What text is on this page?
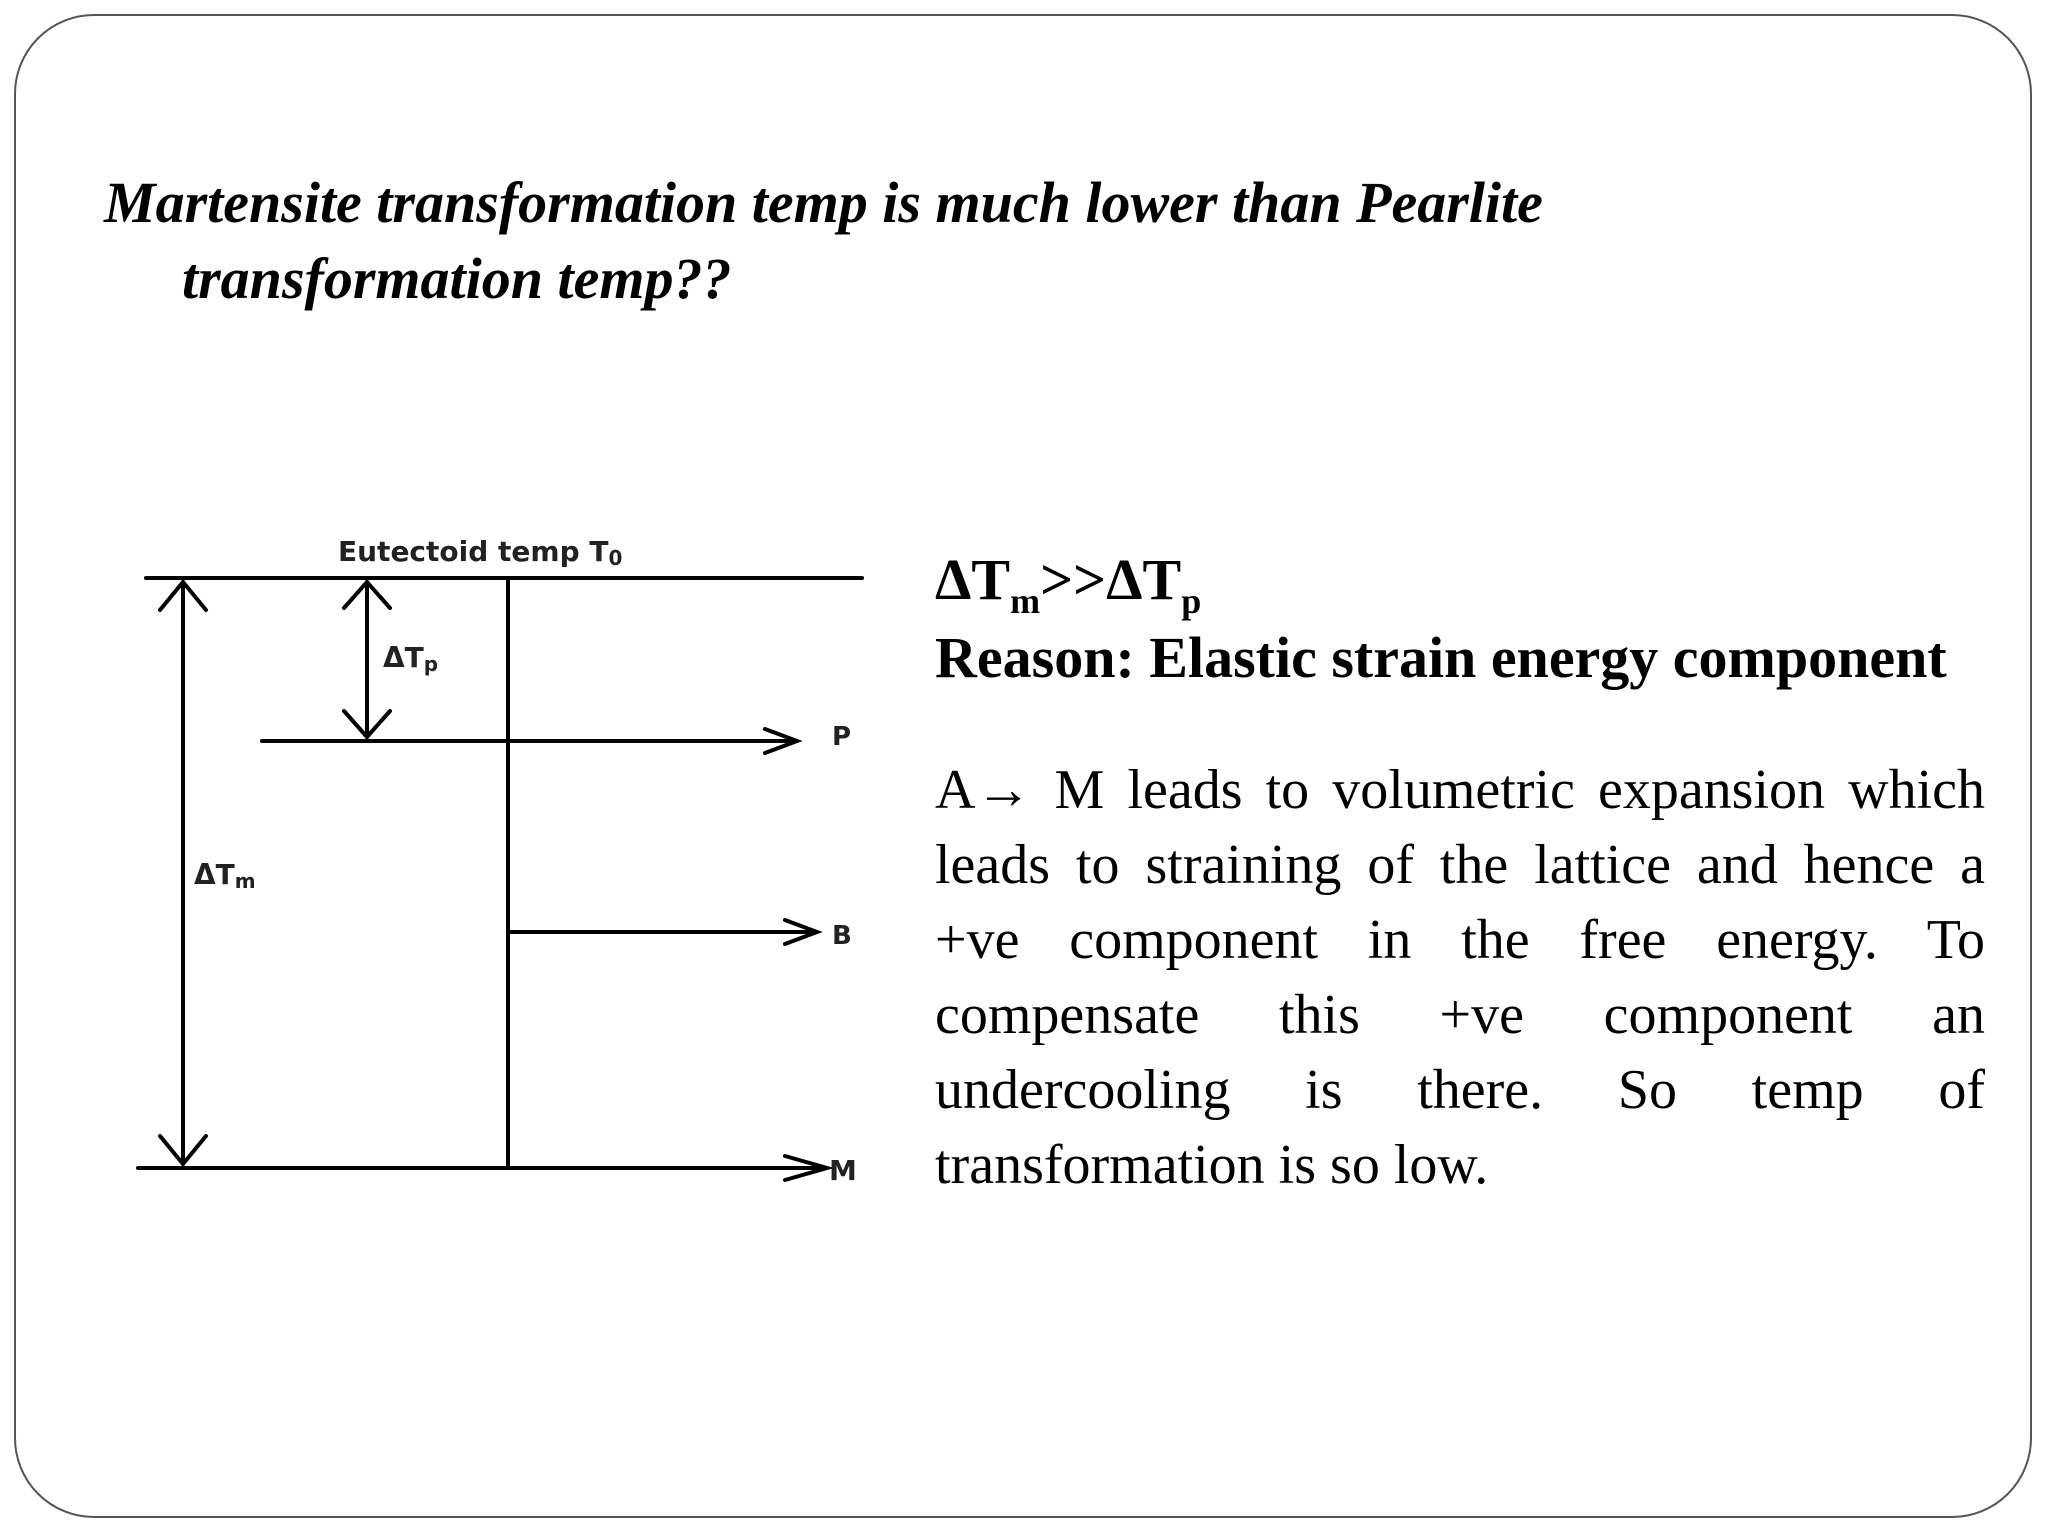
Martensite transformation temp is much lower than Pearlite transformation temp??
Eutectoid temp T0
ΔTp
ΔTm
P
B
M
$\Delta T_m>>\Delta T_p$
Reason: Elastic strain energy component
A→ M leads to volumetric expansion which leads to straining of the lattice and hence a +ve component in the free energy. To compensate this +ve component an undercooling is there. So temp of transformation is so low.
